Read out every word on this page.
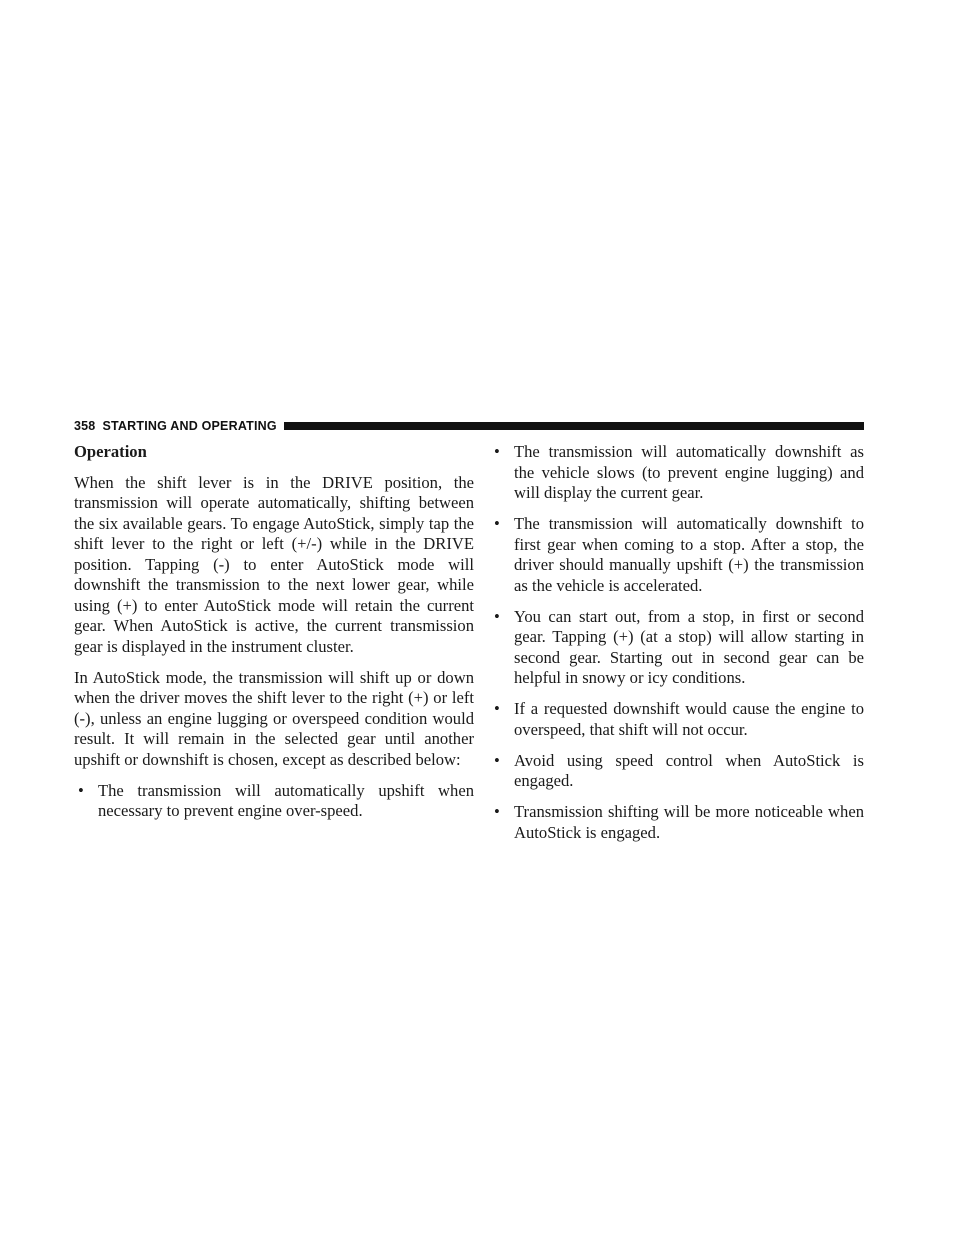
358 STARTING AND OPERATING
Operation

When the shift lever is in the DRIVE position, the transmission will operate automatically, shifting between the six available gears. To engage AutoStick, simply tap the shift lever to the right or left (+/-) while in the DRIVE position. Tapping (-) to enter AutoStick mode will downshift the transmission to the next lower gear, while using (+) to enter AutoStick mode will retain the current gear. When AutoStick is active, the current transmission gear is displayed in the instrument cluster.

In AutoStick mode, the transmission will shift up or down when the driver moves the shift lever to the right (+) or left (-), unless an engine lugging or overspeed condition would result. It will remain in the selected gear until another upshift or downshift is chosen, except as described below:

• The transmission will automatically upshift when necessary to prevent engine over-speed.
• The transmission will automatically downshift as the vehicle slows (to prevent engine lugging) and will display the current gear.
• The transmission will automatically downshift to first gear when coming to a stop. After a stop, the driver should manually upshift (+) the transmission as the vehicle is accelerated.
• You can start out, from a stop, in first or second gear. Tapping (+) (at a stop) will allow starting in second gear. Starting out in second gear can be helpful in snowy or icy conditions.
• If a requested downshift would cause the engine to overspeed, that shift will not occur.
• Avoid using speed control when AutoStick is engaged.
• Transmission shifting will be more noticeable when AutoStick is engaged.
